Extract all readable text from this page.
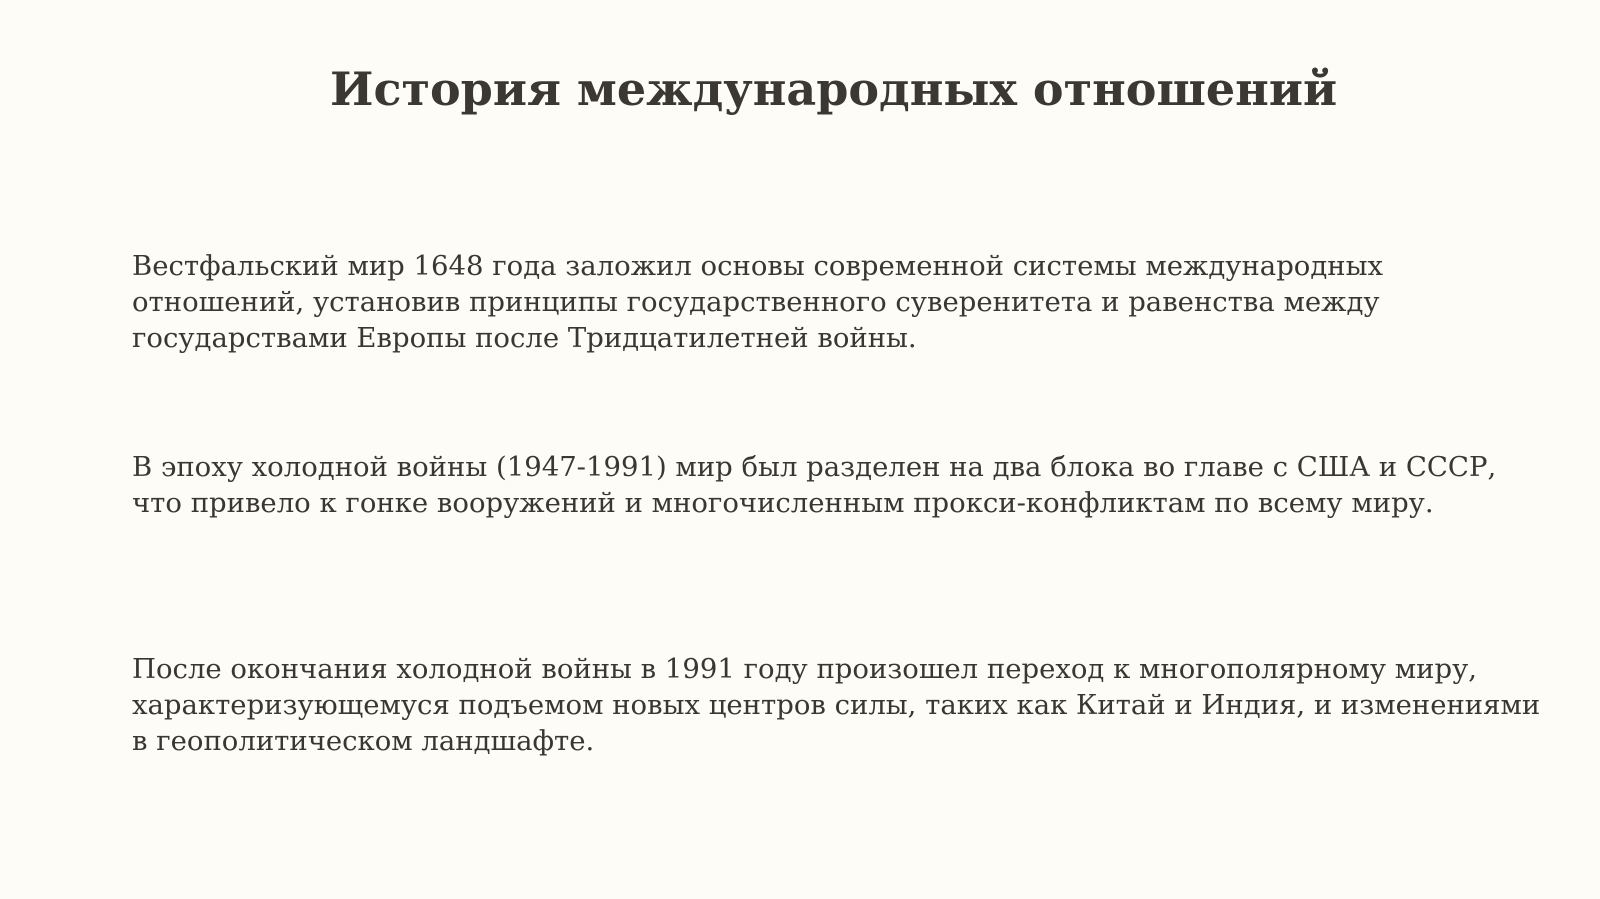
История международных отношений

Вестфальский мир 1648 года заложил основы современной системы международных отношений, установив принципы государственного суверенитета и равенства между государствами Европы после Тридцатилетней войны.

В эпоху холодной войны (1947-1991) мир был разделен на два блока во главе с США и СССР, что привело к гонке вооружений и многочисленным прокси-конфликтам по всему миру.

После окончания холодной войны в 1991 году произошел переход к многополярному миру, характеризующемуся подъемом новых центров силы, таких как Китай и Индия, и изменениями в геополитическом ландшафте.
